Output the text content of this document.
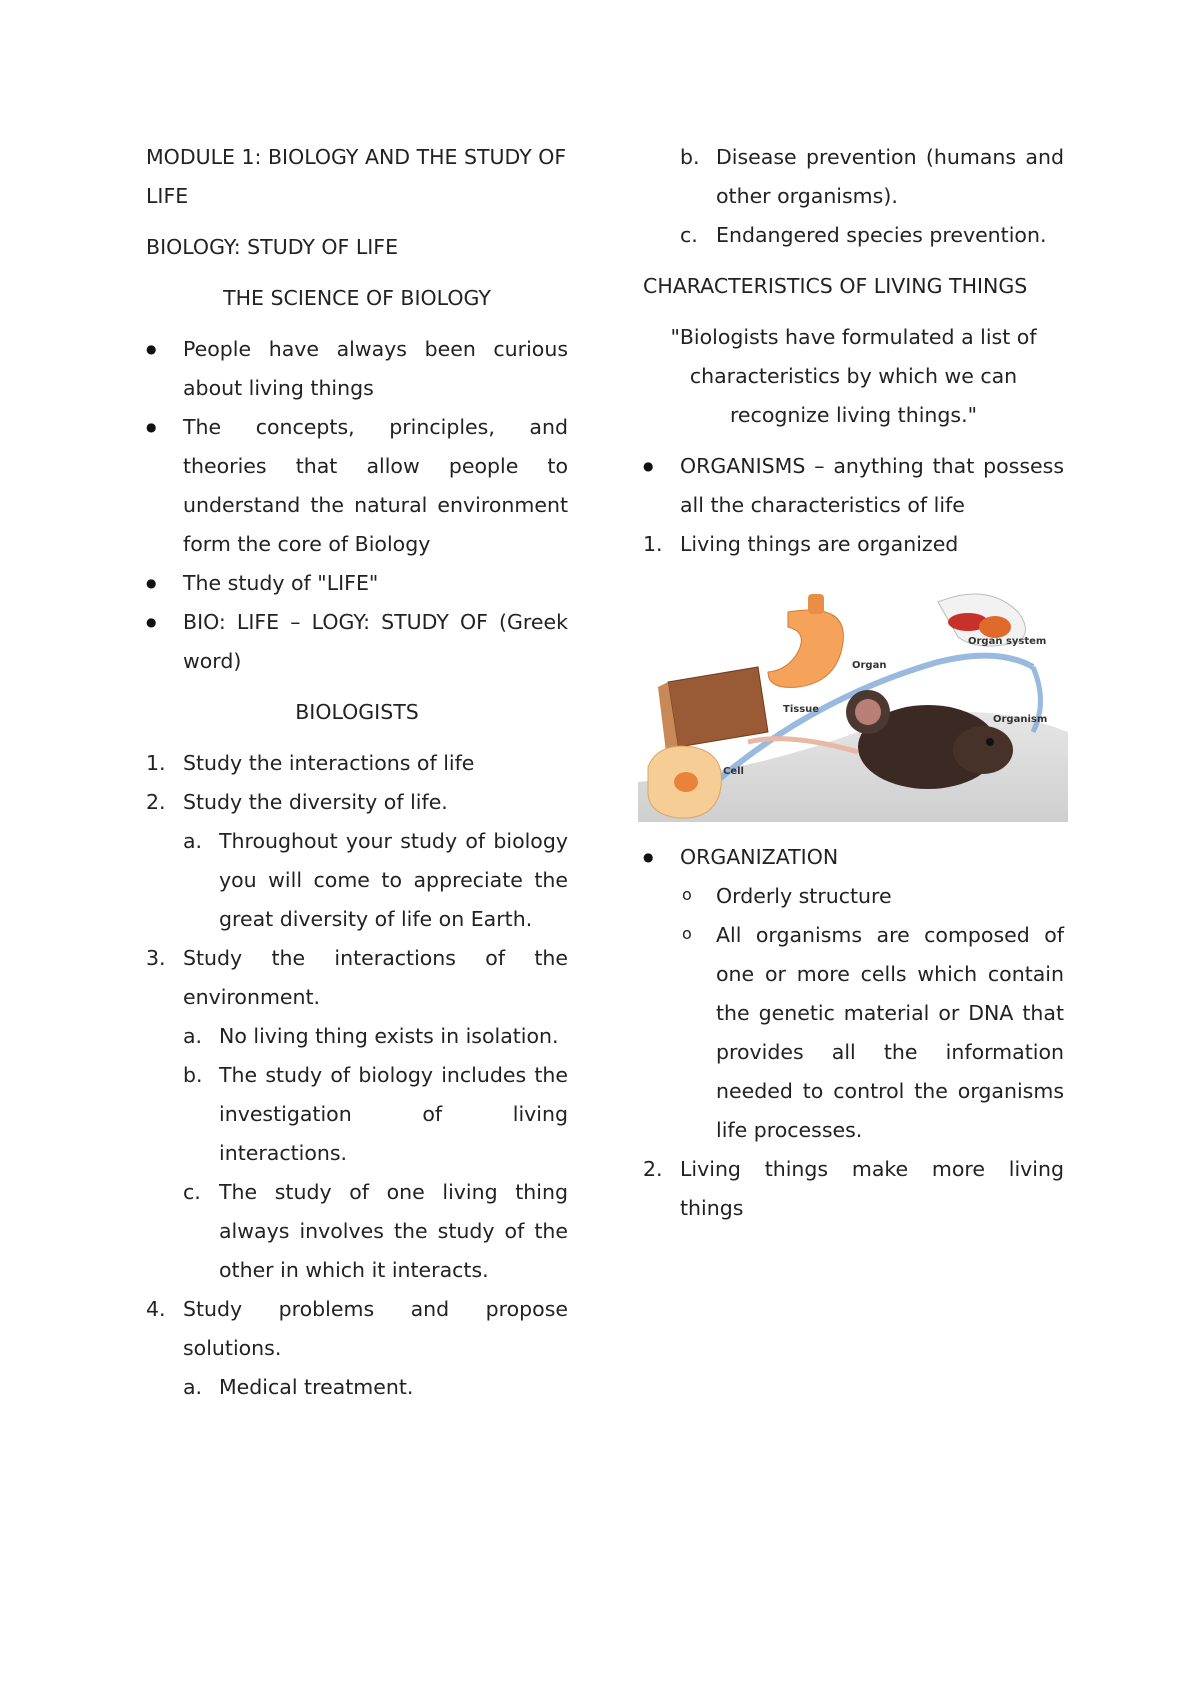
MODULE 1: BIOLOGY AND THE STUDY OF LIFE

BIOLOGY: STUDY OF LIFE

THE SCIENCE OF BIOLOGY

● People have always been curious about living things
● The concepts, principles, and theories that allow people to understand the natural environment form the core of Biology
● The study of "LIFE"
● BIO: LIFE – LOGY: STUDY OF (Greek word)

BIOLOGISTS

1. Study the interactions of life
2. Study the diversity of life.
a. Throughout your study of biology you will come to appreciate the great diversity of life on Earth.
3. Study the interactions of the environment.
a. No living thing exists in isolation.
b. The study of biology includes the investigation of living interactions.
c. The study of one living thing always involves the study of the other in which it interacts.
4. Study problems and propose solutions.
a. Medical treatment.
b. Disease prevention (humans and other organisms).
c. Endangered species prevention.

CHARACTERISTICS OF LIVING THINGS

"Biologists have formulated a list of characteristics by which we can recognize living things."

● ORGANISMS – anything that possess all the characteristics of life
1. Living things are organized
Organ system
Organ
Tissue
Organism
Cell
● ORGANIZATION
o Orderly structure
o All organisms are composed of one or more cells which contain the genetic material or DNA that provides all the information needed to control the organisms life processes.
2. Living things make more living things
